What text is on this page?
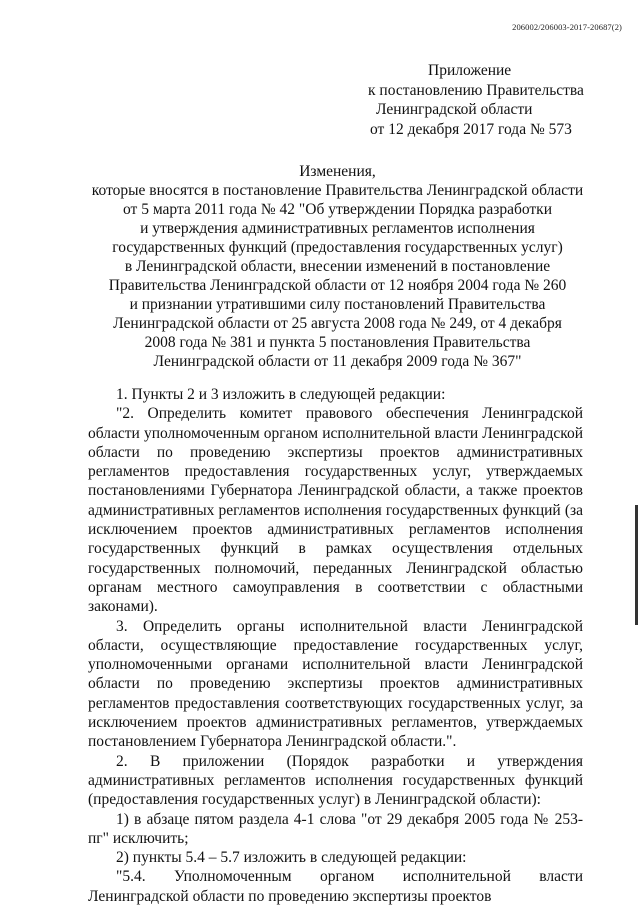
206002/206003-2017-20687(2)
Приложение
к постановлению Правительства
Ленинградской области
от 12 декабря 2017 года № 573
Изменения,
которые вносятся в постановление Правительства Ленинградской области
от 5 марта 2011 года № 42 "Об утверждении Порядка разработки
и утверждения административных регламентов исполнения
государственных функций (предоставления государственных услуг)
в Ленинградской области, внесении изменений в постановление
Правительства Ленинградской области от 12 ноября 2004 года № 260
и признании утратившими силу постановлений Правительства
Ленинградской области от 25 августа 2008 года № 249, от 4 декабря
2008 года № 381 и пункта 5 постановления Правительства
Ленинградской области от 11 декабря 2009 года № 367"

1. Пункты 2 и 3 изложить в следующей редакции:

"2. Определить комитет правового обеспечения Ленинградской области уполномоченным органом исполнительной власти Ленинградской области по проведению экспертизы проектов административных регламентов предоставления государственных услуг, утверждаемых постановлениями Губернатора Ленинградской области, а также проектов административных регламентов исполнения государственных функций (за исключением проектов административных регламентов исполнения государственных функций в рамках осуществления отдельных государственных полномочий, переданных Ленинградской областью органам местного самоуправления в соответствии с областными законами).

3. Определить органы исполнительной власти Ленинградской области, осуществляющие предоставление государственных услуг, уполномоченными органами исполнительной власти Ленинградской области по проведению экспертизы проектов административных регламентов предоставления соответствующих государственных услуг, за исключением проектов административных регламентов, утверждаемых постановлением Губернатора Ленинградской области.".

2. В приложении (Порядок разработки и утверждения административных регламентов исполнения государственных функций (предоставления государственных услуг) в Ленинградской области):

1) в абзаце пятом раздела 4-1 слова "от 29 декабря 2005 года № 253-пг" исключить;

2) пункты 5.4 – 5.7 изложить в следующей редакции:

"5.4. Уполномоченным органом исполнительной власти Ленинградской области по проведению экспертизы проектов
